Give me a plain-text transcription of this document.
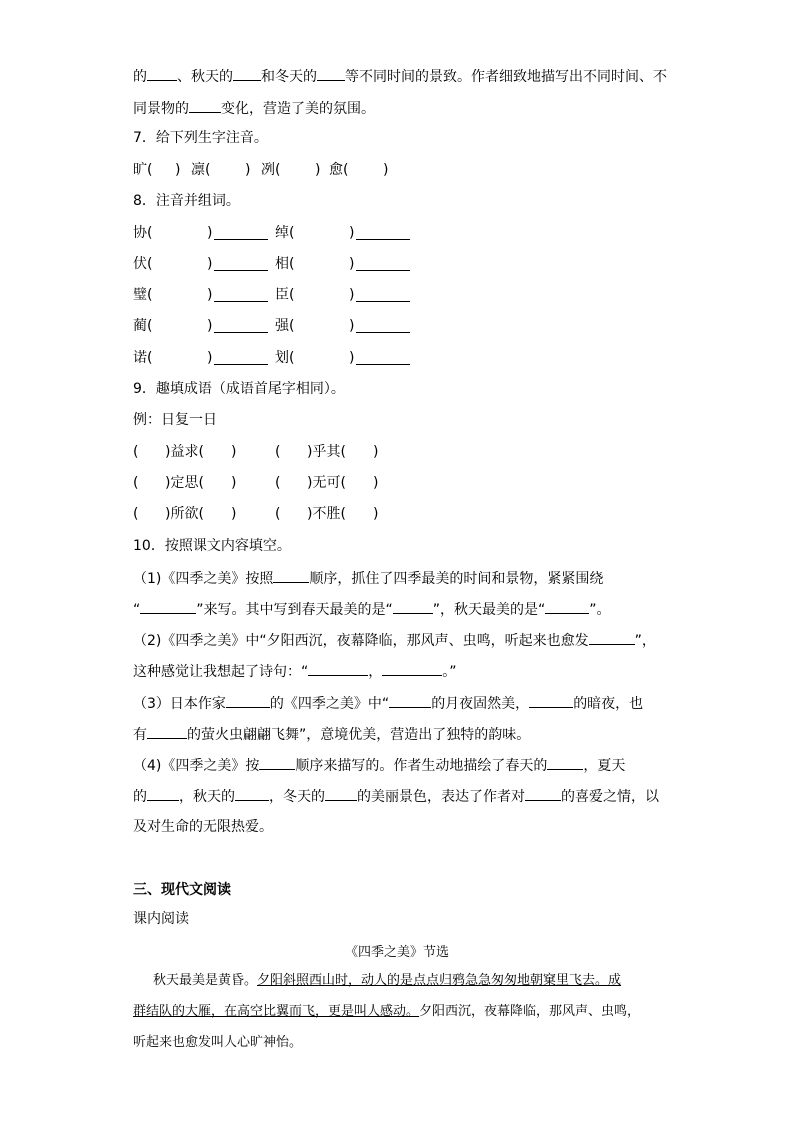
的 、秋天的 和冬天的 等不同时间的景致。作者细致地描写出不同时间、不
同景物的 变化，营造了美的氛围。
7．给下列生字注音。
旷( ) 凛( ) 冽( ) 愈( )
8．注音并组词。
协(	)	绰(	)
伏(	)	相(	)
璧(	)	臣(	)
蔺(	)	强(	)
诺(	)	划(	)
9．趣填成语（成语首尾字相同）。
例：日复一日
( )益求( )	( )乎其( )
( )定思( )	( )无可( )
( )所欲( )	( )不胜( )
10．按照课文内容填空。
（1)《四季之美》按照	顺序，抓住了四季最美的时间和景物，紧紧围绕
“	”来写。其中写到春天最美的是“	”，秋天最美的是“	”。
（2)《四季之美》中“夕阳西沉，夜幕降临，那风声、虫鸣，听起来也愈发	”，
这种感觉让我想起了诗句：“	，	。”
（3）日本作家	的《四季之美》中“	的月夜固然美，	的暗夜，也
有	的萤火虫翩翩飞舞”，意境优美，营造出了独特的韵味。
（4)《四季之美》按	顺序来描写的。作者生动地描绘了春天的	，夏天
的 ，秋天的 ，冬天的 的美丽景色，表达了作者对	的喜爱之情，以
及对生命的无限热爱。
三、现代文阅读
课内阅读
《四季之美》节选
秋天最美是黄昏。夕阳斜照西山时，动人的是点点归鸦急急匆匆地朝窠里飞去。成
群结队的大雁，在高空比翼而飞，更是叫人感动。夕阳西沉，夜幕降临，那风声、虫鸣，
听起来也愈发叫人心旷神怡。
